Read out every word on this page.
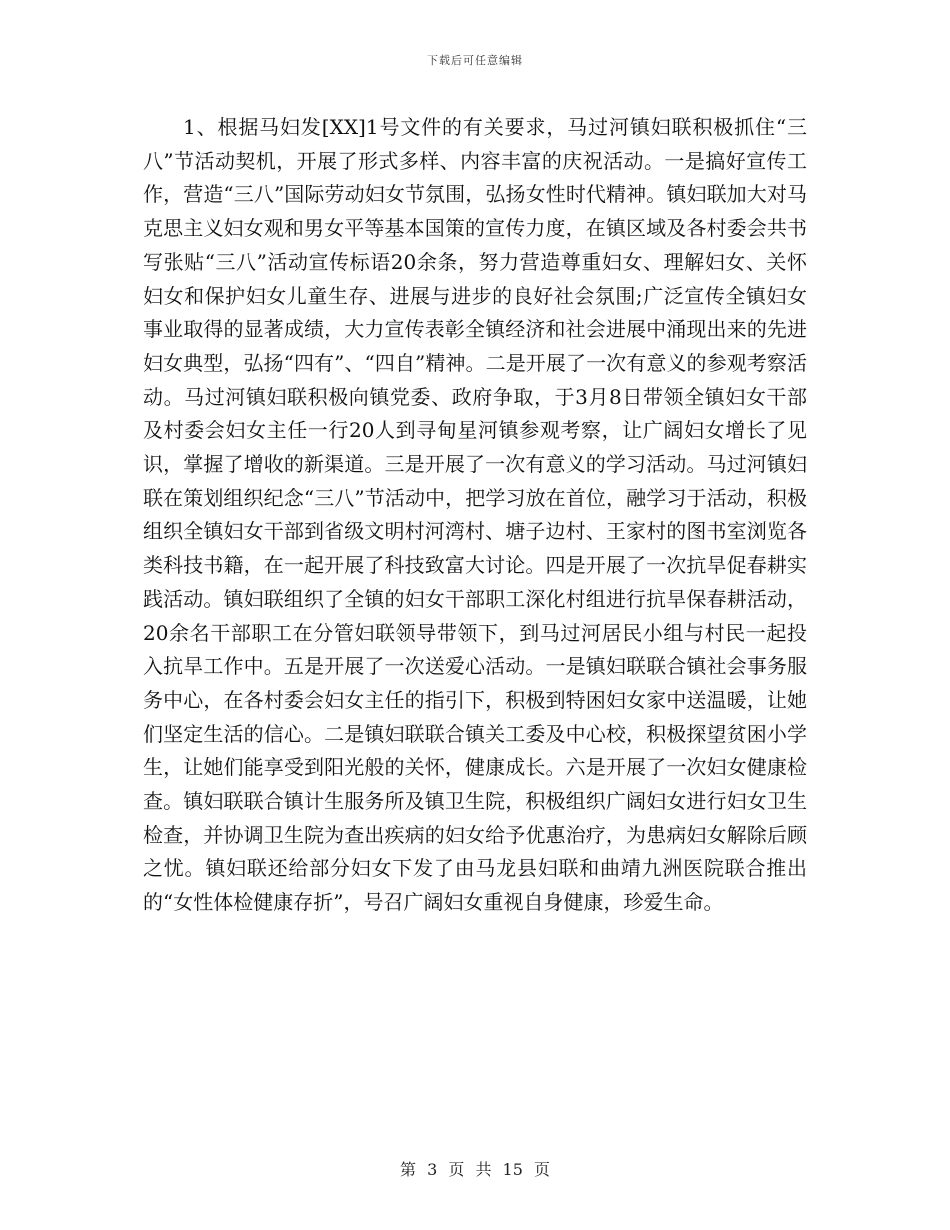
下载后可任意编辑

1、根据马妇发[XX]1号文件的有关要求，马过河镇妇联积极抓住“三八”节活动契机，开展了形式多样、内容丰富的庆祝活动。一是搞好宣传工作，营造“三八”国际劳动妇女节氛围，弘扬女性时代精神。镇妇联加大对马克思主义妇女观和男女平等基本国策的宣传力度，在镇区域及各村委会共书写张贴“三八”活动宣传标语20余条，努力营造尊重妇女、理解妇女、关怀妇女和保护妇女儿童生存、进展与进步的良好社会氛围;广泛宣传全镇妇女事业取得的显著成绩，大力宣传表彰全镇经济和社会进展中涌现出来的先进妇女典型，弘扬“四有”、“四自”精神。二是开展了一次有意义的参观考察活动。马过河镇妇联积极向镇党委、政府争取，于3月8日带领全镇妇女干部及村委会妇女主任一行20人到寻甸星河镇参观考察，让广阔妇女增长了见识，掌握了增收的新渠道。三是开展了一次有意义的学习活动。马过河镇妇联在策划组织纪念“三八”节活动中，把学习放在首位，融学习于活动，积极组织全镇妇女干部到省级文明村河湾村、塘子边村、王家村的图书室浏览各类科技书籍，在一起开展了科技致富大讨论。四是开展了一次抗旱促春耕实践活动。镇妇联组织了全镇的妇女干部职工深化村组进行抗旱保春耕活动，20余名干部职工在分管妇联领导带领下，到马过河居民小组与村民一起投入抗旱工作中。五是开展了一次送爱心活动。一是镇妇联联合镇社会事务服务中心，在各村委会妇女主任的指引下，积极到特困妇女家中送温暖，让她们坚定生活的信心。二是镇妇联联合镇关工委及中心校，积极探望贫困小学生，让她们能享受到阳光般的关怀，健康成长。六是开展了一次妇女健康检查。镇妇联联合镇计生服务所及镇卫生院，积极组织广阔妇女进行妇女卫生检查，并协调卫生院为查出疾病的妇女给予优惠治疗，为患病妇女解除后顾之忧。镇妇联还给部分妇女下发了由马龙县妇联和曲靖九洲医院联合推出的“女性体检健康存折”，号召广阔妇女重视自身健康，珍爱生命。

第 3 页 共 15 页
